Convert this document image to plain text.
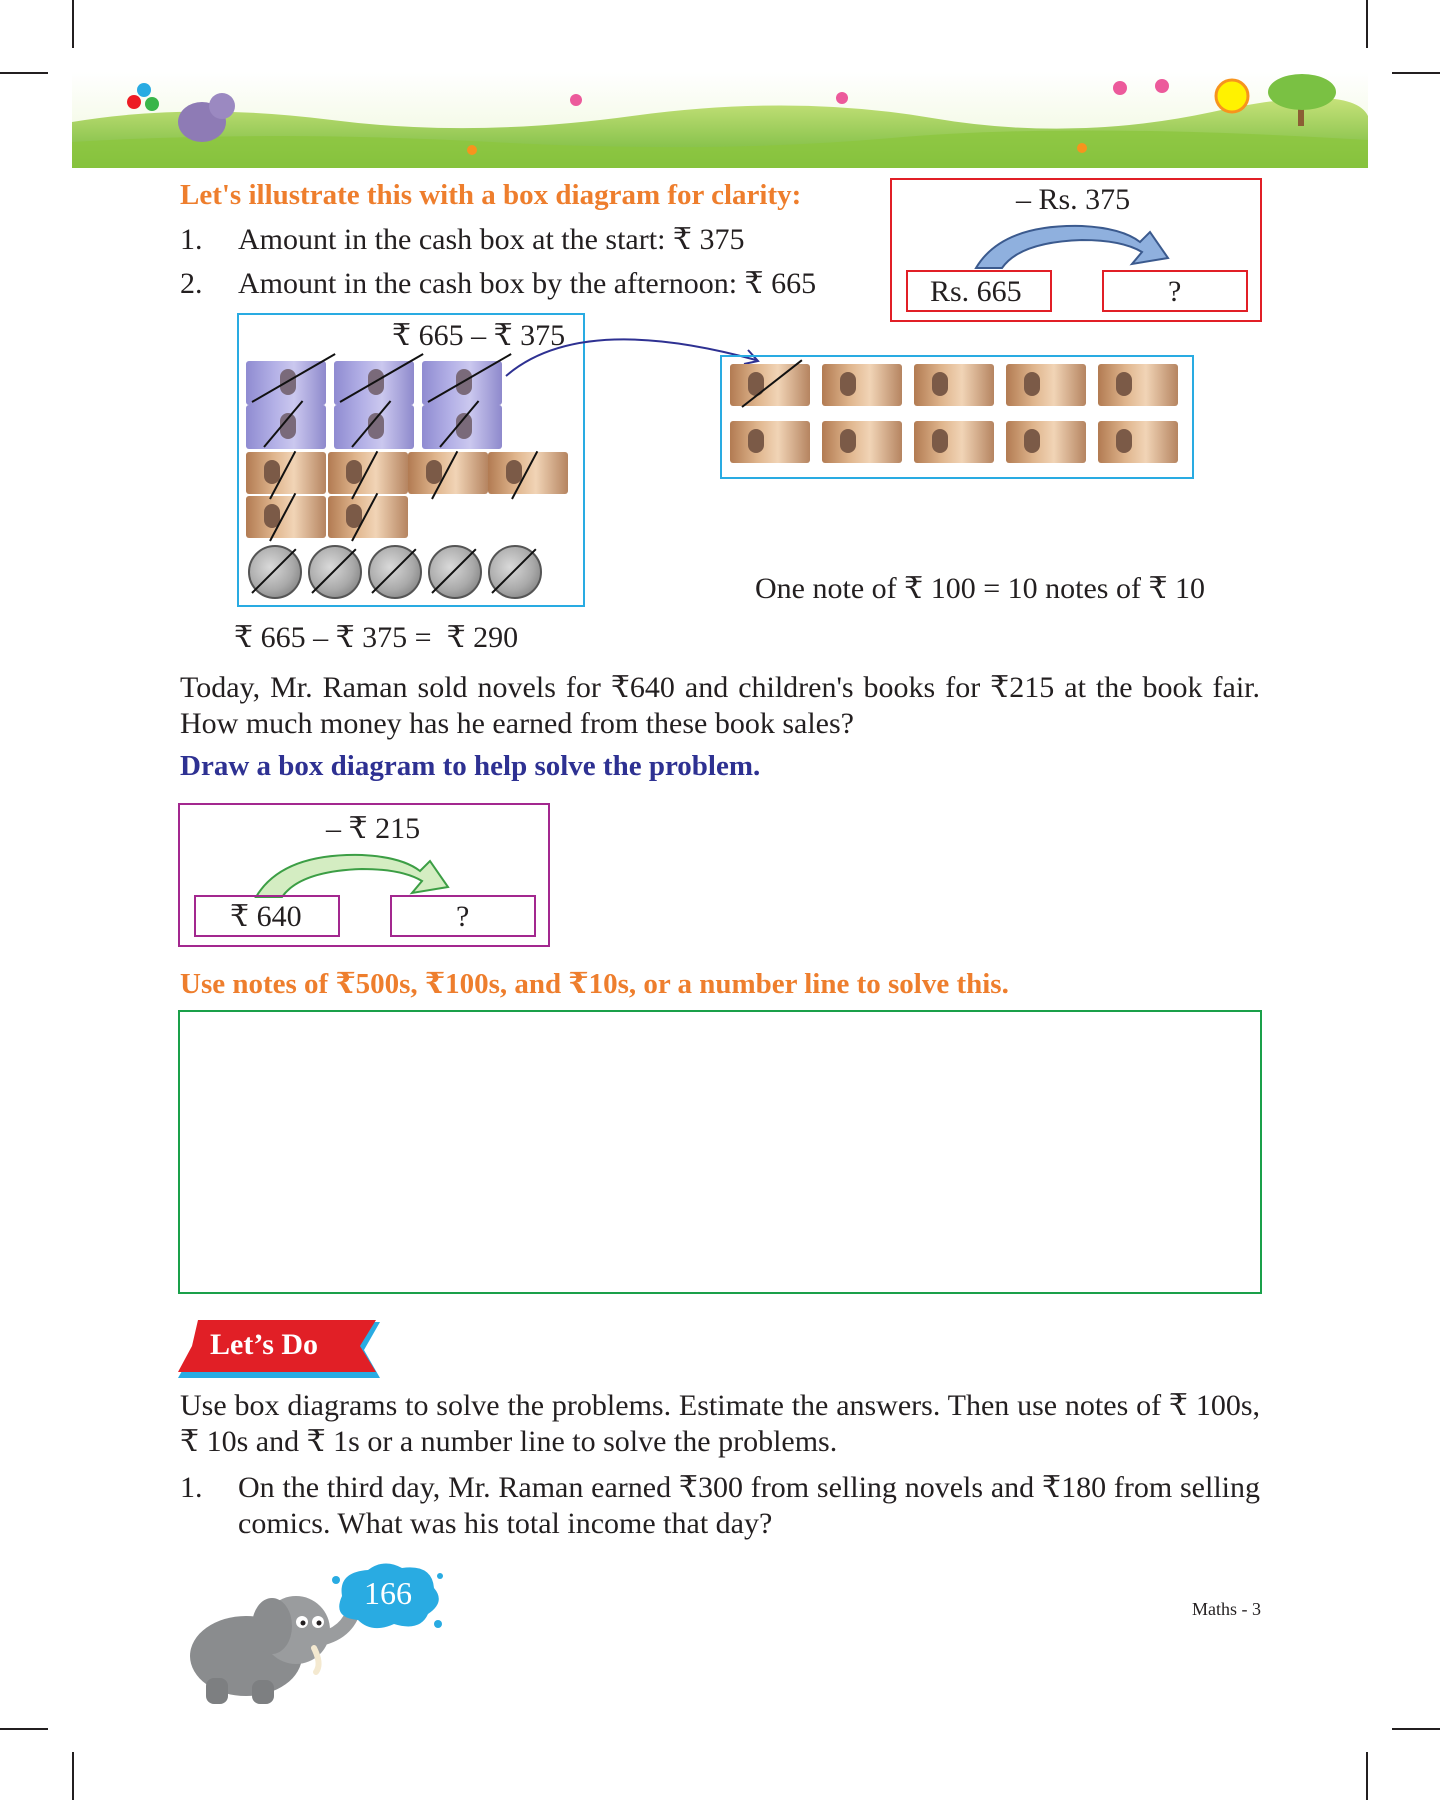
Let's illustrate this with a box diagram for clarity:
1. Amount in the cash box at the start: ₹ 375
2. Amount in the cash box by the afternoon: ₹ 665
– Rs. 375
Rs. 665	?
₹ 665 – ₹ 375
One note of ₹ 100 = 10 notes of ₹ 10
₹ 665 – ₹ 375 =  ₹ 290
Today, Mr. Raman sold novels for ₹640 and children's books for ₹215 at the book fair. How much money has he earned from these book sales?
Draw a box diagram to help solve the problem.
– ₹ 215
₹ 640	?
Use notes of ₹500s, ₹100s, and ₹10s, or a number line to solve this.
Let’s Do
Use box diagrams to solve the problems. Estimate the answers. Then use notes of ₹ 100s, ₹ 10s and ₹ 1s or a number line to solve the problems.
1. On the third day, Mr. Raman earned ₹300 from selling novels and ₹180 from selling comics. What was his total income that day?
166	Maths - 3
